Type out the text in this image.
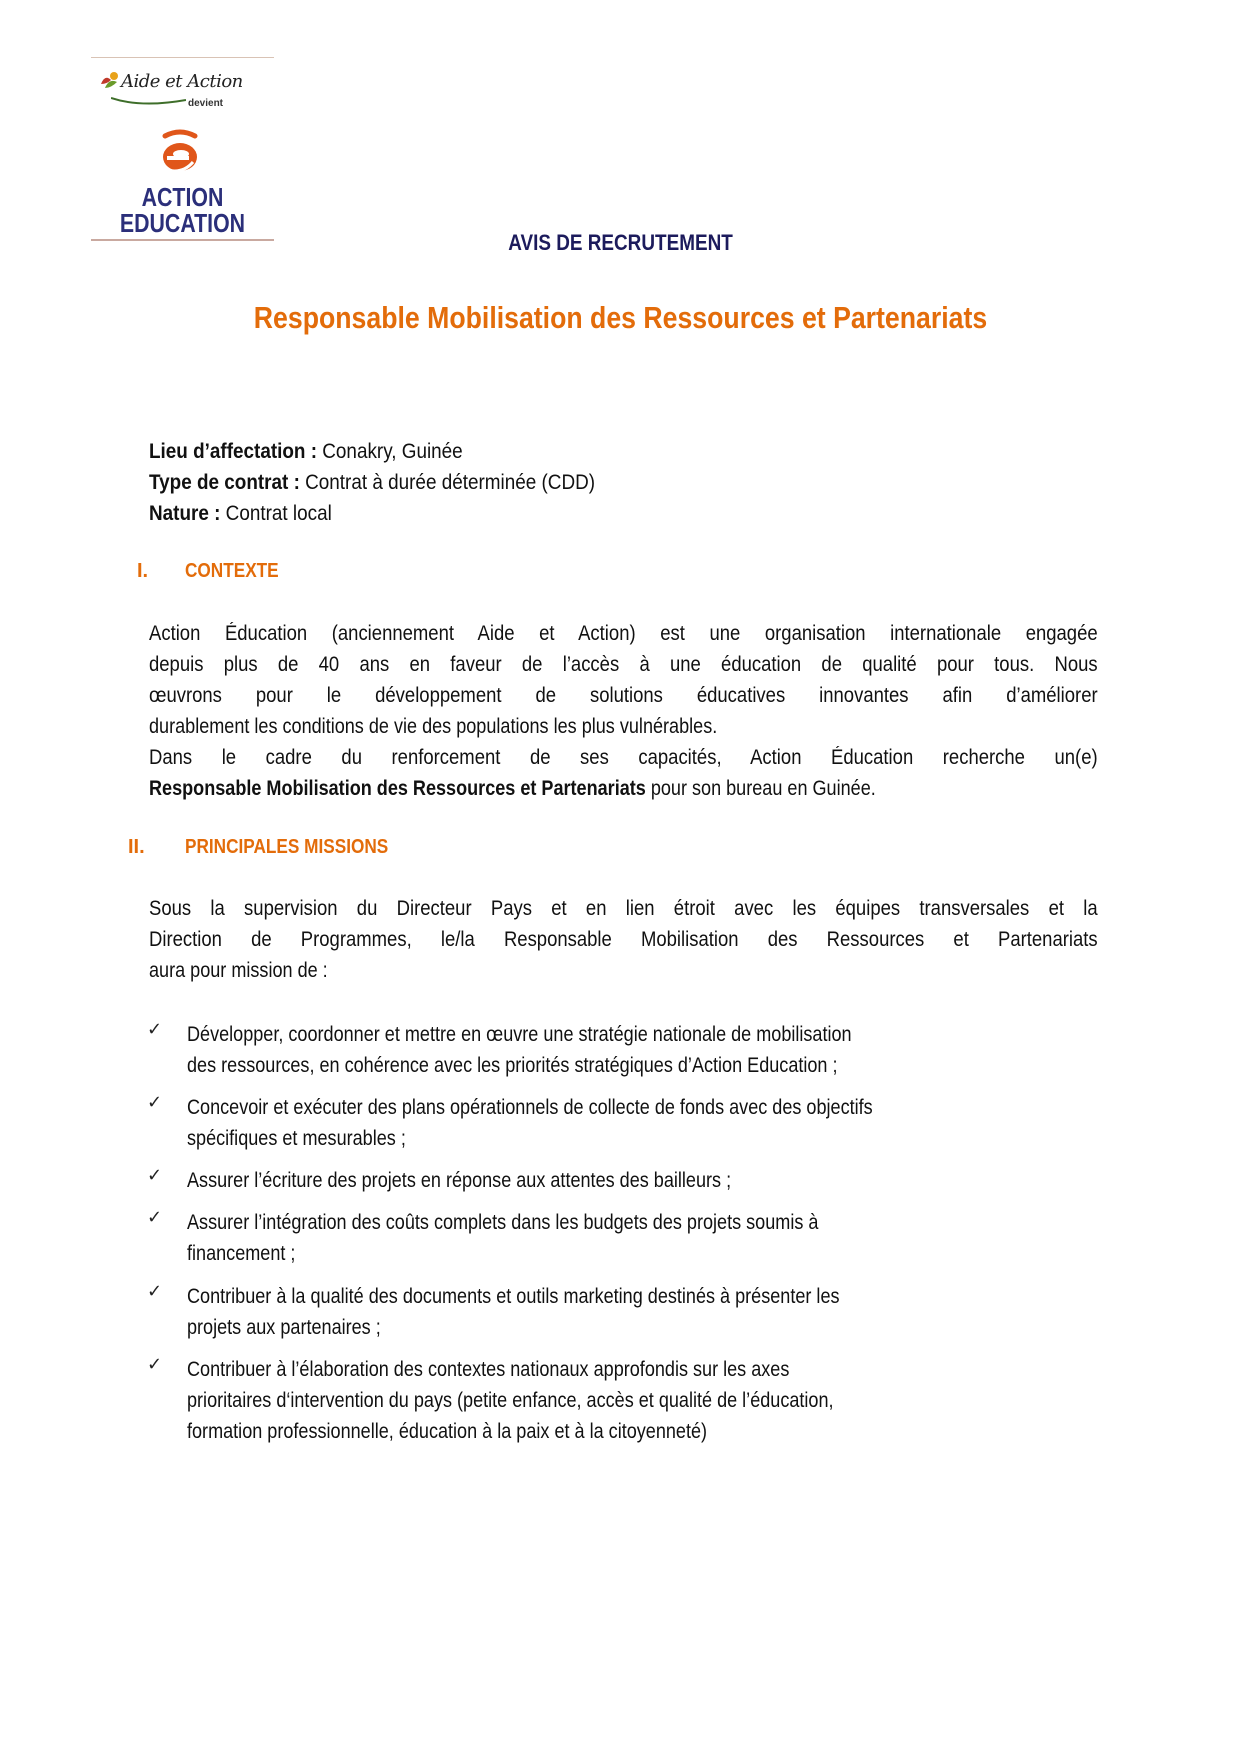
Aide et Action
devient
ACTION
EDUCATION
AVIS DE RECRUTEMENT
Responsable Mobilisation des Ressources et Partenariats
Lieu d’affectation : Conakry, Guinée
Type de contrat : Contrat à durée déterminée (CDD)
Nature : Contrat local
I. CONTEXTE
Action Éducation (anciennement Aide et Action) est une organisation internationale engagée
depuis plus de 40 ans en faveur de l’accès à une éducation de qualité pour tous. Nous
œuvrons pour le développement de solutions éducatives innovantes afin d’améliorer
durablement les conditions de vie des populations les plus vulnérables.
Dans le cadre du renforcement de ses capacités, Action Éducation recherche un(e)
Responsable Mobilisation des Ressources et Partenariats pour son bureau en Guinée.
II. PRINCIPALES MISSIONS
Sous la supervision du Directeur Pays et en lien étroit avec les équipes transversales et la
Direction de Programmes, le/la Responsable Mobilisation des Ressources et Partenariats
aura pour mission de :
✓ Développer, coordonner et mettre en œuvre une stratégie nationale de mobilisation
des ressources, en cohérence avec les priorités stratégiques d’Action Education ;
✓ Concevoir et exécuter des plans opérationnels de collecte de fonds avec des objectifs
spécifiques et mesurables ;
✓ Assurer l’écriture des projets en réponse aux attentes des bailleurs ;
✓ Assurer l’intégration des coûts complets dans les budgets des projets soumis à
financement ;
✓ Contribuer à la qualité des documents et outils marketing destinés à présenter les
projets aux partenaires ;
✓ Contribuer à l’élaboration des contextes nationaux approfondis sur les axes
prioritaires d‘intervention du pays (petite enfance, accès et qualité de l’éducation,
formation professionnelle, éducation à la paix et à la citoyenneté)
